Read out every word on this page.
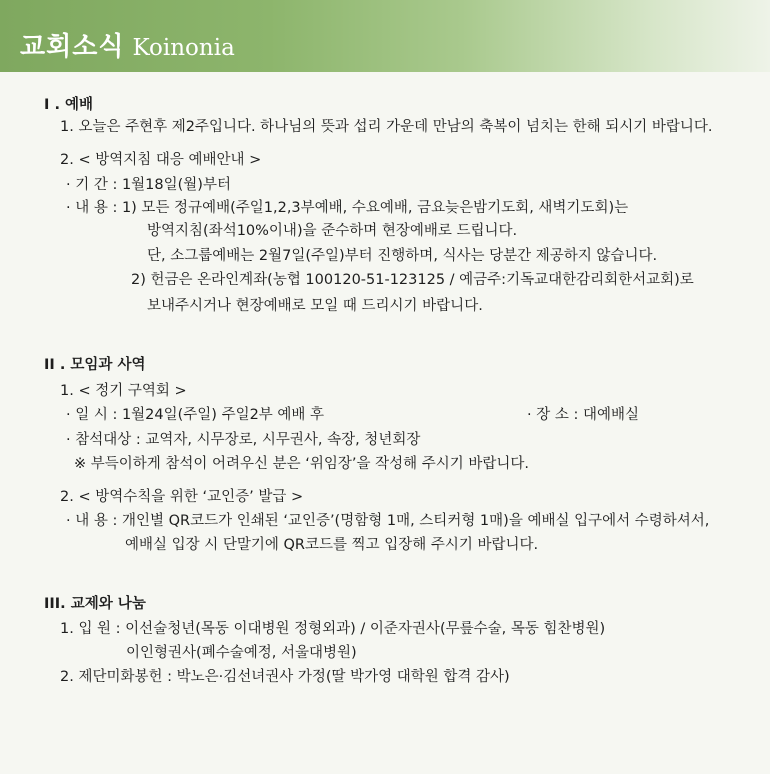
교회소식 Koinonia
I . 예배
1. 오늘은 주현후 제2주입니다. 하나님의 뜻과 섭리 가운데 만남의 축복이 넘치는 한해 되시기 바랍니다.
2. < 방역지침 대응 예배안내 >
· 기 간 : 1월18일(월)부터
· 내 용 : 1) 모든 정규예배(주일1,2,3부예배, 수요예배, 금요늦은밤기도회, 새벽기도회)는
방역지침(좌석10%이내)을 준수하며 현장예배로 드립니다.
단, 소그룹예배는 2월7일(주일)부터 진행하며, 식사는 당분간 제공하지 않습니다.
2) 헌금은 온라인계좌(농협 100120-51-123125 / 예금주:기독교대한감리회한서교회)로
보내주시거나 현장예배로 모일 때 드리시기 바랍니다.
II . 모임과 사역
1. < 정기 구역회 >
· 일 시 : 1월24일(주일) 주일2부 예배 후	· 장 소 : 대예배실
· 참석대상 : 교역자, 시무장로, 시무권사, 속장, 청년회장
※ 부득이하게 참석이 어려우신 분은 ‘위임장’을 작성해 주시기 바랍니다.
2. < 방역수칙을 위한 ‘교인증’ 발급 >
· 내 용 : 개인별 QR코드가 인쇄된 ‘교인증’(명함형 1매, 스티커형 1매)을 예배실 입구에서 수령하셔서,
예배실 입장 시 단말기에 QR코드를 찍고 입장해 주시기 바랍니다.
III. 교제와 나눔
1. 입 원 : 이선술청년(목동 이대병원 정형외과) / 이준자권사(무릎수술, 목동 힘찬병원)
이인형권사(폐수술예정, 서울대병원)
2. 제단미화봉헌 : 박노은·김선녀권사 가정(딸 박가영 대학원 합격 감사)
